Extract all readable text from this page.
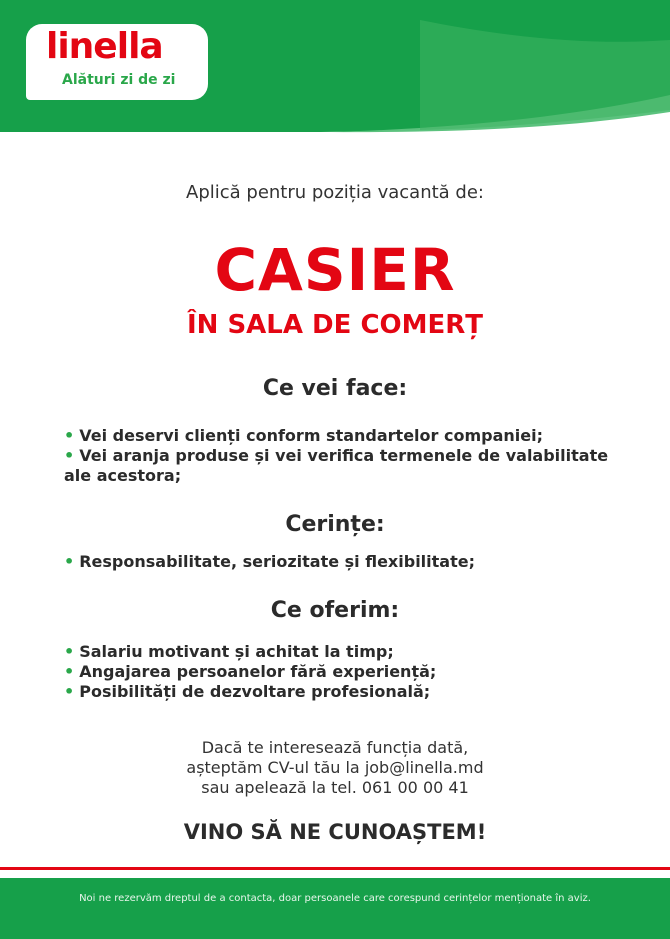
linella
Alături zi de zi
Aplică pentru poziția vacantă de:
CASIER
ÎN SALA DE COMERȚ
Ce vei face:
• Vei deservi clienți conform standartelor companiei;
• Vei aranja produse și vei verifica termenele de valabilitate ale acestora;
Cerințe:
• Responsabilitate, seriozitate și flexibilitate;
Ce oferim:
• Salariu motivant și achitat la timp;
• Angajarea persoanelor fără experiență;
• Posibilități de dezvoltare profesională;
Dacă te interesează funcția dată,
așteptăm CV-ul tău la job@linella.md
sau apelează la tel. 061 00 00 41
VINO SĂ NE CUNOAȘTEM!
Noi ne rezervăm dreptul de a contacta, doar persoanele care corespund cerințelor menționate în aviz.
